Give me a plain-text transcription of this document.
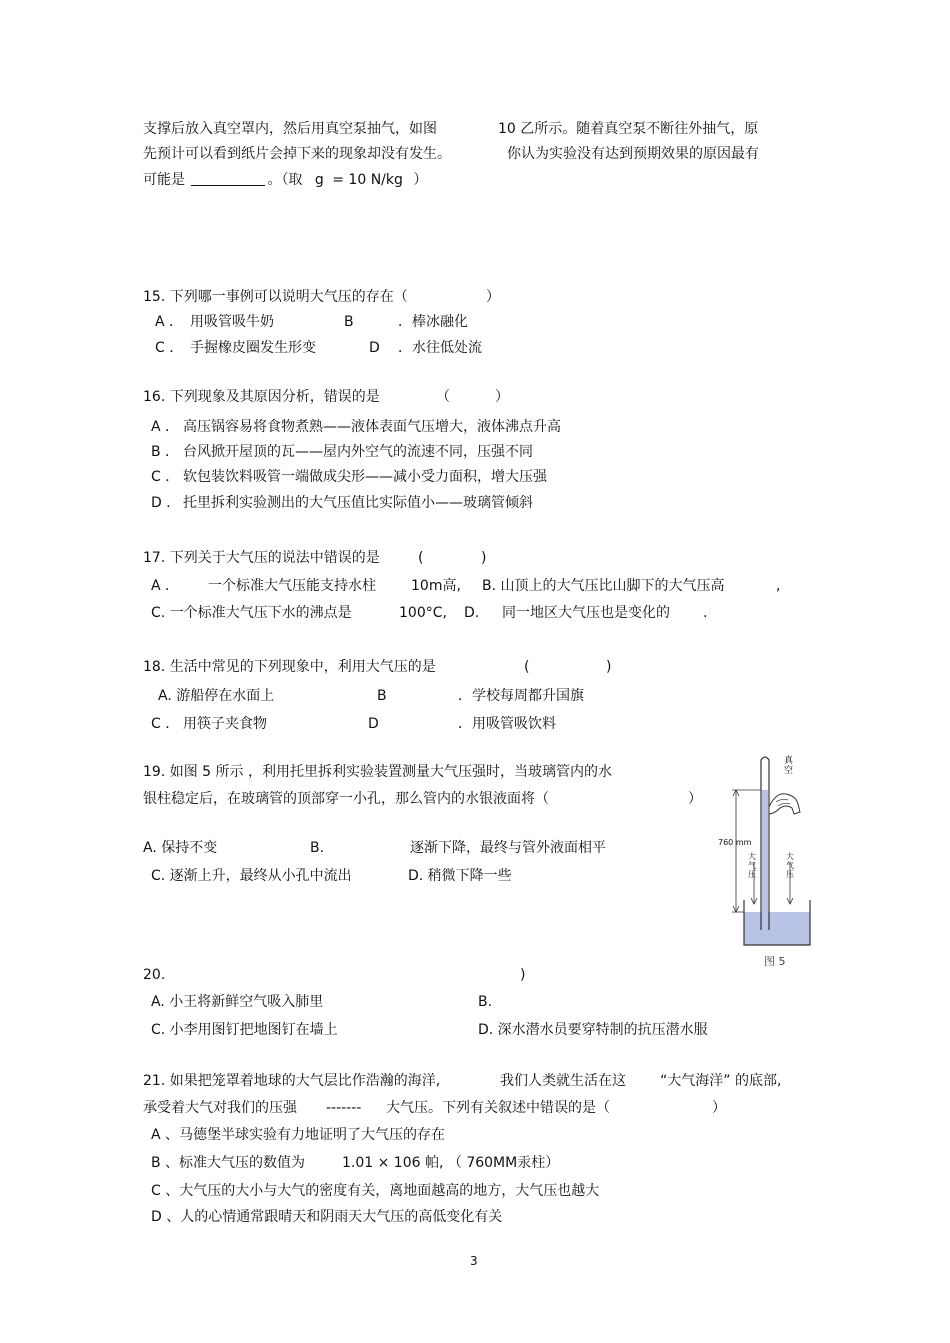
支撑后放入真空罩内，然后用真空泵抽气，如图	10 乙所示。随着真空泵不断往外抽气，原
先预计可以看到纸片会掉下来的现象却没有发生。	你认为实验没有达到预期效果的原因最有
可能是	。（取 g = 10 N/kg ）
15. 下列哪一事例可以说明大气压的存在（	）
A ． 用吸管吸牛奶	B	．棒冰融化
C ． 手握橡皮圈发生形变	D ．水往低处流
16. 下列现象及其原因分析，错误的是	（	）
A ． 高压锅容易将食物煮熟——液体表面气压增大，液体沸点升高
B ． 台风掀开屋顶的瓦——屋内外空气的流速不同，压强不同
C ． 软包装饮料吸管一端做成尖形——减小受力面积，增大压强
D ． 托里拆利实验测出的大气压值比实际值小——玻璃管倾斜
17. 下列关于大气压的说法中错误的是	(	)
A ． 一个标准大气压能支持水柱	10m高, B. 山顶上的大气压比山脚下的大气压高	,
C. 一个标准大气压下水的沸点是	100°C, D. 同一地区大气压也是变化的 .
18. 生活中常见的下列现象中，利用大气压的是	(	)
A. 游船停在水面上	B	．学校每周都升国旗
C ． 用筷子夹食物	D	．用吸管吸饮料
19. 如图 5 所示 ，利用托里拆利实验装置测量大气压强时，当玻璃管内的水
银柱稳定后，在玻璃管的顶部穿一小孔，那么管内的水银液面将（	）
A. 保持不变	B.	逐渐下降，最终与管外液面相平
C. 逐渐上升，最终从小孔中流出	D. 稍微下降一些
真空
760 mm
大气压
大气压
图 5
20.	)
A. 小王将新鲜空气吸入肺里	B.
C. 小李用图钉把地图钉在墙上	D. 深水潜水员要穿特制的抗压潜水服
21. 如果把笼罩着地球的大气层比作浩瀚的海洋,	我们人类就生活在这 “大气海洋” 的底部,
承受着大气对我们的压强 ------- 大气压。下列有关叙述中错误的是（	）
A 、马德堡半球实验有力地证明了大气压的存在
B 、标准大气压的数值为	1.01 × 106 帕, （ 760MM汞柱）
C 、大气压的大小与大气的密度有关，离地面越高的地方，大气压也越大
D 、人的心情通常跟晴天和阴雨天大气压的高低变化有关
3
